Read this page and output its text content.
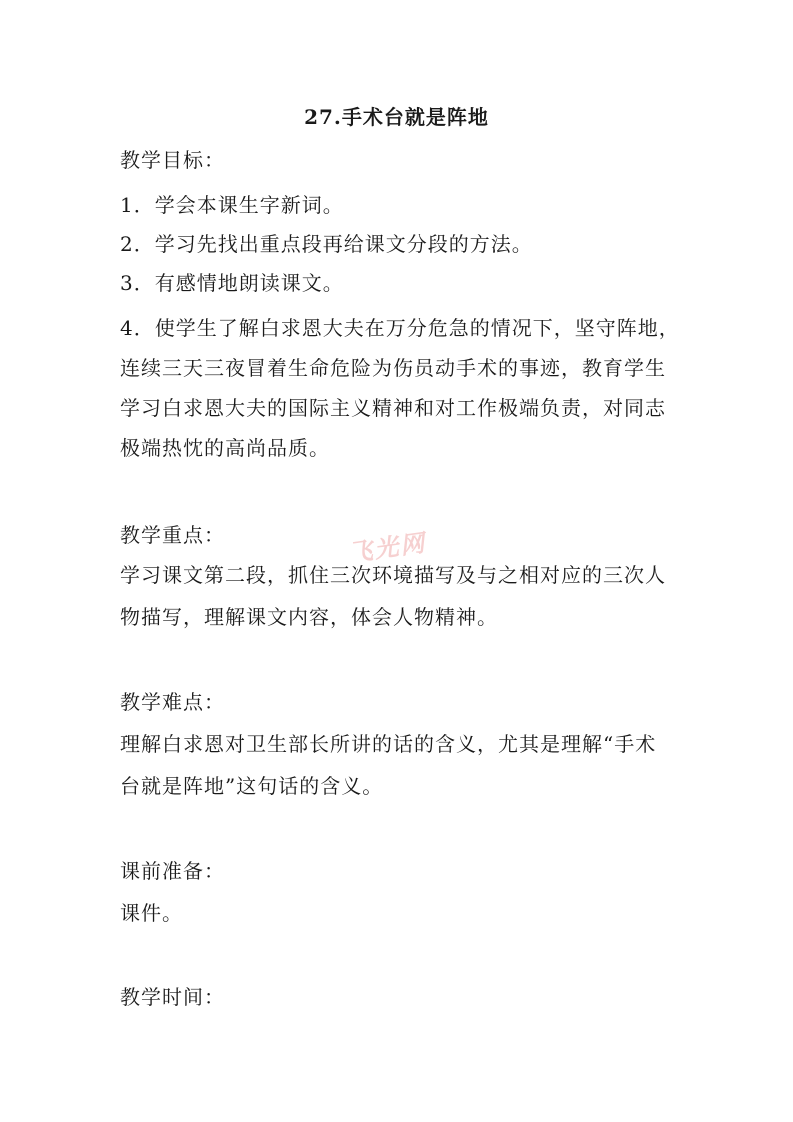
27.手术台就是阵地
教学目标：
1．学会本课生字新词。
2．学习先找出重点段再给课文分段的方法。
3．有感情地朗读课文。
4．使学生了解白求恩大夫在万分危急的情况下，坚守阵地，
连续三天三夜冒着生命危险为伤员动手术的事迹，教育学生
学习白求恩大夫的国际主义精神和对工作极端负责，对同志
极端热忱的高尚品质。
教学重点：
学习课文第二段，抓住三次环境描写及与之相对应的三次人
物描写，理解课文内容，体会人物精神。
教学难点：
理解白求恩对卫生部长所讲的话的含义，尤其是理解“手术
台就是阵地”这句话的含义。
课前准备：
课件。
教学时间：
飞光网
